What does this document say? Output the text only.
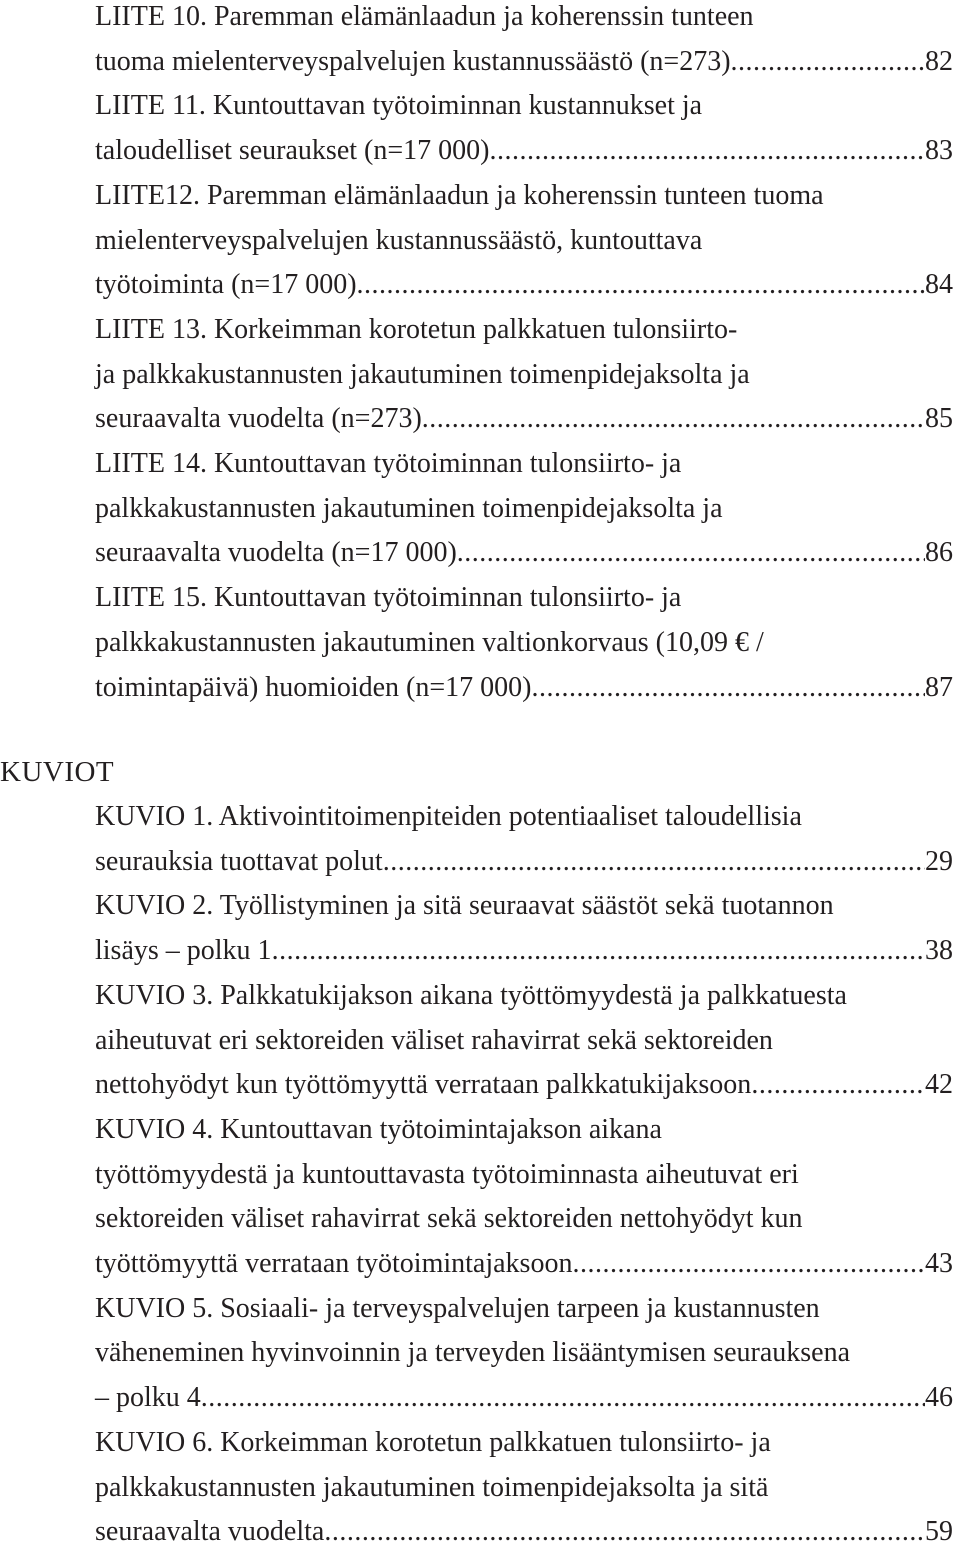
LIITE 10. Paremman elämänlaadun ja koherenssin tunteen
tuoma mielenterveyspalvelujen kustannussäästö (n=273) .....	82
LIITE 11. Kuntouttavan työtoiminnan kustannukset ja
taloudelliset seuraukset (n=17 000) .....	83
LIITE12. Paremman elämänlaadun ja koherenssin tunteen tuoma
mielenterveyspalvelujen kustannussäästö, kuntouttava
työtoiminta (n=17 000) .....	84
LIITE 13. Korkeimman korotetun palkkatuen tulonsiirto-
ja palkkakustannusten jakautuminen toimenpidejaksolta ja
seuraavalta vuodelta (n=273) .....	85
LIITE 14. Kuntouttavan työtoiminnan tulonsiirto- ja
palkkakustannusten jakautuminen toimenpidejaksolta ja
seuraavalta vuodelta (n=17 000) .....	86
LIITE 15. Kuntouttavan työtoiminnan tulonsiirto- ja
palkkakustannusten jakautuminen valtionkorvaus (10,09 € /
toimintapäivä) huomioiden (n=17 000) .....	87
KUVIOT
KUVIO 1. Aktivointitoimenpiteiden potentiaaliset taloudellisia
seurauksia tuottavat polut .....	29
KUVIO 2. Työllistyminen ja sitä seuraavat säästöt sekä tuotannon
lisäys – polku 1 .....	38
KUVIO 3. Palkkatukijakson aikana työttömyydestä ja palkkatuesta
aiheutuvat eri sektoreiden väliset rahavirrat sekä sektoreiden
nettohyödyt kun työttömyyttä verrataan palkkatukijaksoon .....	42
KUVIO 4. Kuntouttavan työtoimintajakson aikana
työttömyydestä ja kuntouttavasta työtoiminnasta aiheutuvat eri
sektoreiden väliset rahavirrat sekä sektoreiden nettohyödyt kun
työttömyyttä verrataan työtoimintajaksoon .....	43
KUVIO 5. Sosiaali- ja terveyspalvelujen tarpeen ja kustannusten
väheneminen hyvinvoinnin ja terveyden lisääntymisen seurauksena
– polku 4 .....	46
KUVIO 6. Korkeimman korotetun palkkatuen tulonsiirto- ja
palkkakustannusten jakautuminen toimenpidejaksolta ja sitä
seuraavalta vuodelta .....	59
